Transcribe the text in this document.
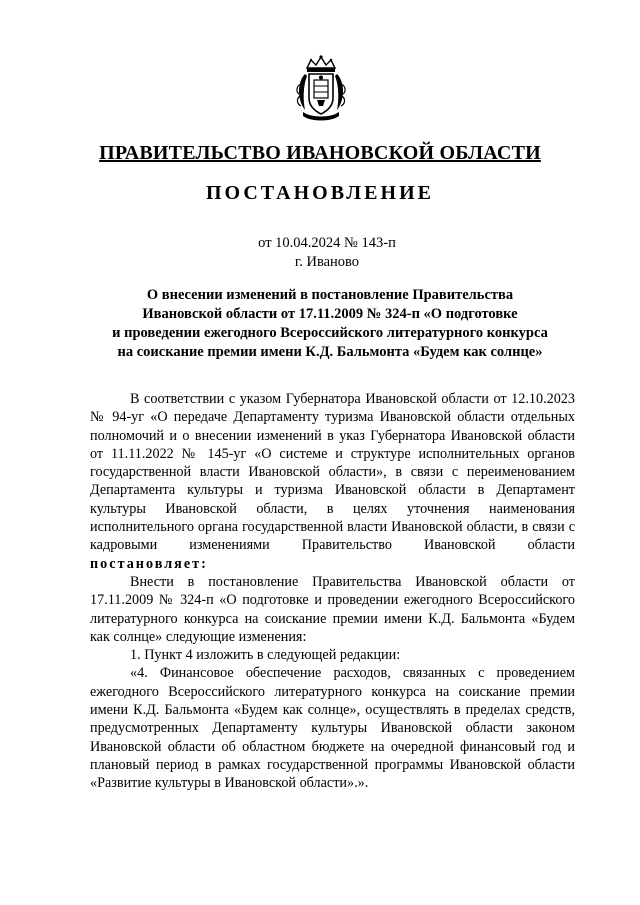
ПРАВИТЕЛЬСТВО ИВАНОВСКОЙ ОБЛАСТИ
ПОСТАНОВЛЕНИЕ
от 10.04.2024 № 143-п
г. Иваново
О внесении изменений в постановление Правительства
Ивановской области от 17.11.2009 № 324-п «О подготовке
и проведении ежегодного Всероссийского литературного конкурса
на соискание премии имени К.Д. Бальмонта «Будем как солнце»

В соответствии с указом Губернатора Ивановской области от 12.10.2023 № 94-уг «О передаче Департаменту туризма Ивановской области отдельных полномочий и о внесении изменений в указ Губернатора Ивановской области от 11.11.2022 № 145-уг «О системе и структуре исполнительных органов государственной власти Ивановской области», в связи с переименованием Департамента культуры и туризма Ивановской области в Департамент культуры Ивановской области, в целях уточнения наименования исполнительного органа государственной власти Ивановской области, в связи с кадровыми изменениями Правительство Ивановской области постановляет:

Внести в постановление Правительства Ивановской области от 17.11.2009 № 324-п «О подготовке и проведении ежегодного Всероссийского литературного конкурса на соискание премии имени К.Д. Бальмонта «Будем как солнце» следующие изменения:

1. Пункт 4 изложить в следующей редакции:

«4. Финансовое обеспечение расходов, связанных с проведением ежегодного Всероссийского литературного конкурса на соискание премии имени К.Д. Бальмонта «Будем как солнце», осуществлять в пределах средств, предусмотренных Департаменту культуры Ивановской области законом Ивановской области об областном бюджете на очередной финансовый год и плановый период в рамках государственной программы Ивановской области «Развитие культуры в Ивановской области».».
